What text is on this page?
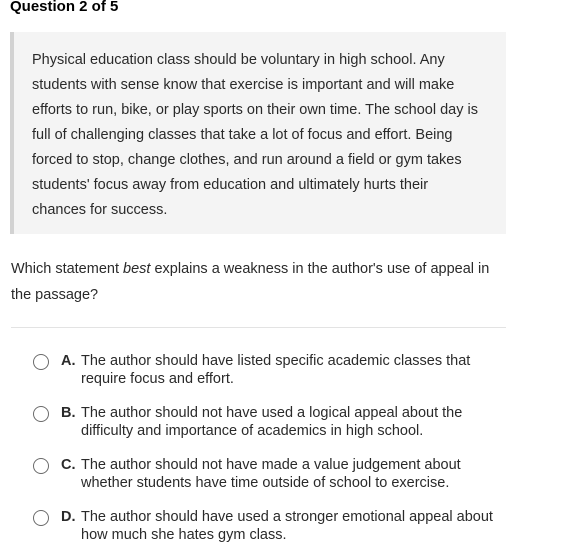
Question 2 of 5
Physical education class should be voluntary in high school. Any students with sense know that exercise is important and will make efforts to run, bike, or play sports on their own time. The school day is full of challenging classes that take a lot of focus and effort. Being forced to stop, change clothes, and run around a field or gym takes students' focus away from education and ultimately hurts their chances for success.
Which statement best explains a weakness in the author's use of appeal in the passage?
A. The author should have listed specific academic classes that require focus and effort.
B. The author should not have used a logical appeal about the difficulty and importance of academics in high school.
C. The author should not have made a value judgement about whether students have time outside of school to exercise.
D. The author should have used a stronger emotional appeal about how much she hates gym class.
